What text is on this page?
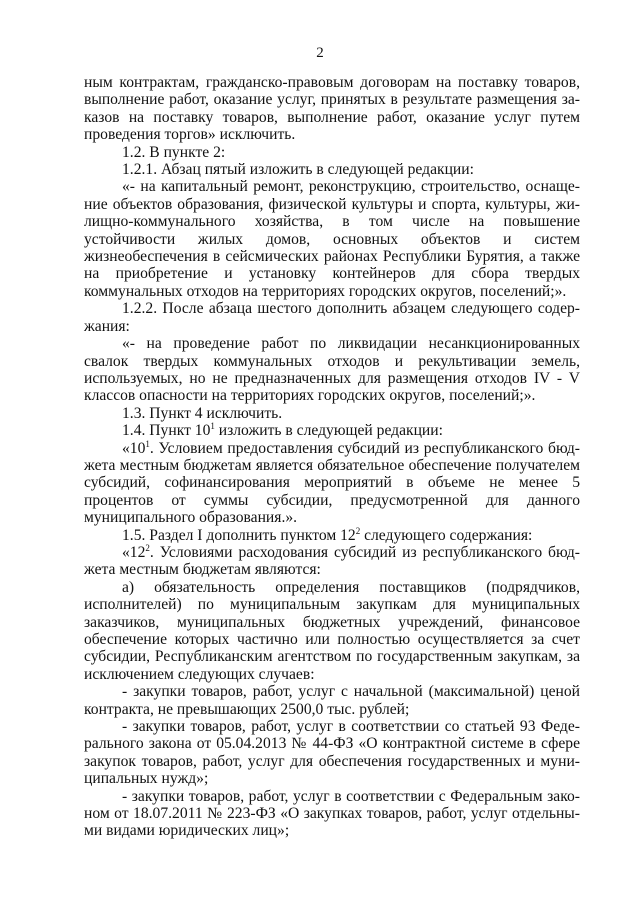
2

ным контрактам, гражданско-правовым договорам на поставку товаров, выполнение работ, оказание услуг, принятых в результате размещения заказов на поставку товаров, выполнение работ, оказание услуг путем проведения торгов» исключить.

1.2. В пункте 2:

1.2.1. Абзац пятый изложить в следующей редакции:

«- на капитальный ремонт, реконструкцию, строительство, оснащение объектов образования, физической культуры и спорта, культуры, жилищно-коммунального хозяйства, в том числе на повышение устойчивости жилых домов, основных объектов и систем жизнеобеспечения в сейсмических районах Республики Бурятия, а также на приобретение и установку контейнеров для сбора твердых коммунальных отходов на территориях городских округов, поселений;».

1.2.2. После абзаца шестого дополнить абзацем следующего содержания:

«- на проведение работ по ликвидации несанкционированных свалок твердых коммунальных отходов и рекультивации земель, используемых, но не предназначенных для размещения отходов IV - V классов опасности на территориях городских округов, поселений;».

1.3. Пункт 4 исключить.

1.4. Пункт $10^1$ изложить в следующей редакции:

«$10^1$. Условием предоставления субсидий из республиканского бюджета местным бюджетам является обязательное обеспечение получателем субсидий, софинансирования мероприятий в объеме не менее 5 процентов от суммы субсидии, предусмотренной для данного муниципального образования.».

1.5. Раздел I дополнить пунктом $12^2$ следующего содержания:

«$12^2$. Условиями расходования субсидий из республиканского бюджета местным бюджетам являются:

а) обязательность определения поставщиков (подрядчиков, исполнителей) по муниципальным закупкам для муниципальных заказчиков, муниципальных бюджетных учреждений, финансовое обеспечение которых частично или полностью осуществляется за счет субсидии, Республиканским агентством по государственным закупкам, за исключением следующих случаев:

- закупки товаров, работ, услуг с начальной (максимальной) ценой контракта, не превышающих 2500,0 тыс. рублей;

- закупки товаров, работ, услуг в соответствии со статьей 93 Федерального закона от 05.04.2013 № 44-ФЗ «О контрактной системе в сфере закупок товаров, работ, услуг для обеспечения государственных и муниципальных нужд»;

- закупки товаров, работ, услуг в соответствии с Федеральным законом от 18.07.2011 № 223-ФЗ «О закупках товаров, работ, услуг отдельными видами юридических лиц»;
